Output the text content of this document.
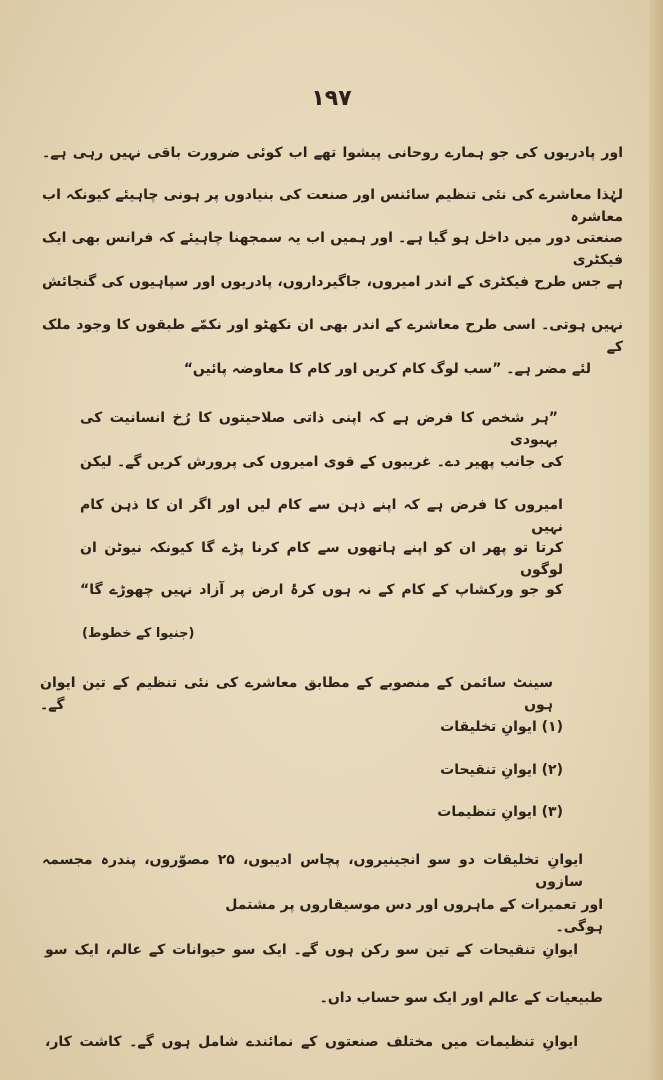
۱۹۷
اور پادریوں کی جو ہمارے روحانی پیشوا تھے اب کوئی ضرورت باقی نہیں رہی ہے۔
لہٰذا معاشرے کی نئی تنظیم سائنس اور صنعت کی بنیادوں پر ہونی چاہیئے کیونکہ اب معاشرہ
صنعتی دور میں داخل ہو گیا ہے۔ اور ہمیں اب یہ سمجھنا چاہیئے کہ فرانس بھی ایک فیکٹری
ہے جس طرح فیکٹری کے اندر امیروں، جاگیرداروں، پادریوں اور سپاہیوں کی گنجائش
نہیں ہوتی۔ اسی طرح معاشرے کے اندر بھی ان نکھٹو اور نکمّے طبقوں کا وجود ملک کے
لئے مضر ہے۔ ”سب لوگ کام کریں اور کام کا معاوضہ پائیں“
”ہر شخص کا فرض ہے کہ اپنی ذاتی صلاحیتوں کا رُخ انسانیت کی بہبودی
کی جانب پھیر دے۔ غریبوں کے قوی امیروں کی پرورش کریں گے۔ لیکن
امیروں کا فرض ہے کہ اپنے ذہن سے کام لیں اور اگر ان کا ذہن کام نہیں
کرتا تو پھر ان کو اپنے ہاتھوں سے کام کرنا پڑے گا کیونکہ نیوٹن ان لوگوں
کو جو ورکشاپ کے کام کے نہ ہوں کرۂ ارض پر آزاد نہیں چھوڑے گا“
(جنیوا کے خطوط)
سینٹ سائمن کے منصوبے کے مطابق معاشرے کی نئی تنظیم کے تین ایوان ہوں گے۔
(۱) ایوانِ تخلیقات
(۲) ایوانِ تنقیحات
(۳) ایوانِ تنظیمات
ایوانِ تخلیقات دو سو انجینیروں، پچاس ادیبوں، ۲۵ مصوّروں، پندرہ مجسمہ سازوں
اور تعمیرات کے ماہروں اور دس موسیقاروں پر مشتمل ہوگی۔
ایوانِ تنقیحات کے تین سو رکن ہوں گے۔ ایک سو حیوانات کے عالم، ایک سو
طبیعیات کے عالم اور ایک سو حساب داں۔
ایوانِ تنظیمات میں مختلف صنعتوں کے نمائندے شامل ہوں گے۔ کاشت کار،
